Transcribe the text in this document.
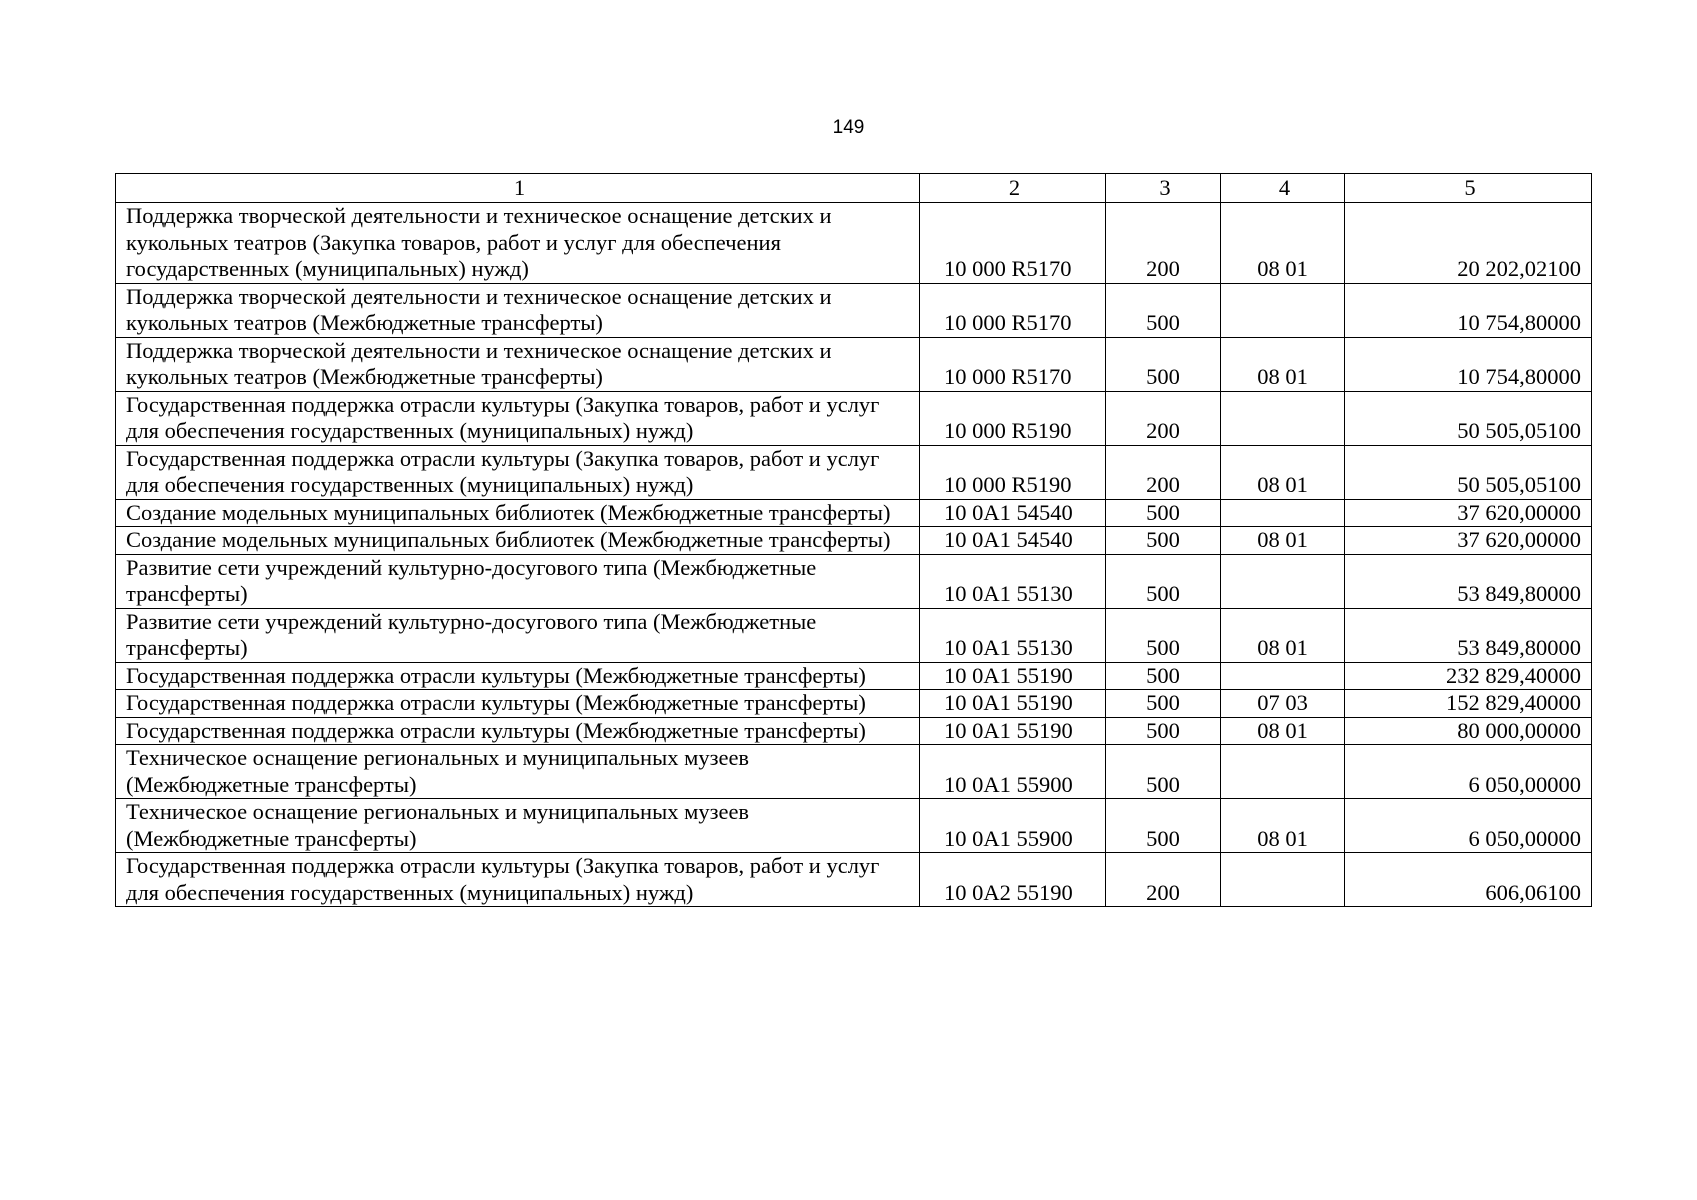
149
1	2	3	4	5
Поддержка творческой деятельности и техническое оснащение детских и кукольных театров (Закупка товаров, работ и услуг для обеспечения государственных (муниципальных) нужд)	10 000 R5170	200	08 01	20 202,02100
Поддержка творческой деятельности и техническое оснащение детских и кукольных театров (Межбюджетные трансферты)	10 000 R5170	500		10 754,80000
Поддержка творческой деятельности и техническое оснащение детских и кукольных театров (Межбюджетные трансферты)	10 000 R5170	500	08 01	10 754,80000
Государственная поддержка отрасли культуры (Закупка товаров, работ и услуг для обеспечения государственных (муниципальных) нужд)	10 000 R5190	200		50 505,05100
Государственная поддержка отрасли культуры (Закупка товаров, работ и услуг для обеспечения государственных (муниципальных) нужд)	10 000 R5190	200	08 01	50 505,05100
Создание модельных муниципальных библиотек (Межбюджетные трансферты)	10 0A1 54540	500		37 620,00000
Создание модельных муниципальных библиотек (Межбюджетные трансферты)	10 0A1 54540	500	08 01	37 620,00000
Развитие сети учреждений культурно-досугового типа (Межбюджетные трансферты)	10 0A1 55130	500		53 849,80000
Развитие сети учреждений культурно-досугового типа (Межбюджетные трансферты)	10 0A1 55130	500	08 01	53 849,80000
Государственная поддержка отрасли культуры (Межбюджетные трансферты)	10 0A1 55190	500		232 829,40000
Государственная поддержка отрасли культуры (Межбюджетные трансферты)	10 0A1 55190	500	07 03	152 829,40000
Государственная поддержка отрасли культуры (Межбюджетные трансферты)	10 0A1 55190	500	08 01	80 000,00000
Техническое оснащение региональных и муниципальных музеев (Межбюджетные трансферты)	10 0A1 55900	500		6 050,00000
Техническое оснащение региональных и муниципальных музеев (Межбюджетные трансферты)	10 0A1 55900	500	08 01	6 050,00000
Государственная поддержка отрасли культуры (Закупка товаров, работ и услуг для обеспечения государственных (муниципальных) нужд)	10 0A2 55190	200		606,06100
